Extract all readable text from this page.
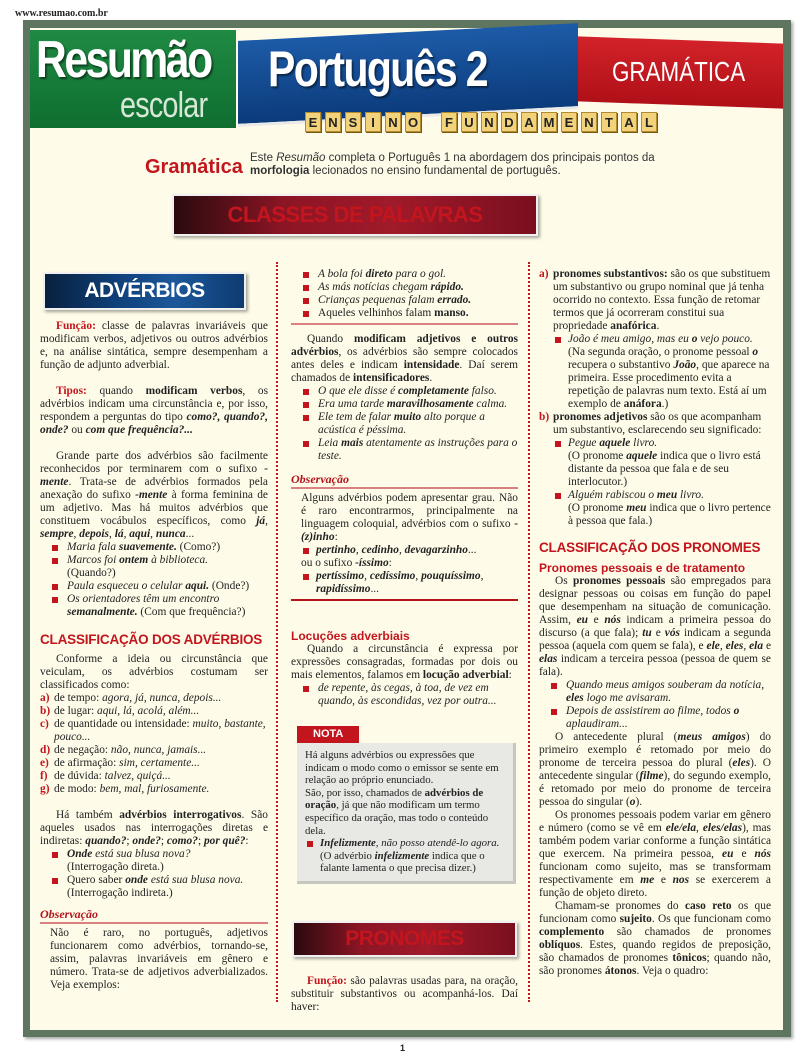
www.resumao.com.br
Resumão
escolar
Português 2	GRAMÁTICA
E N S	I	N O	F U N D A M E N T A L
Gramática Este Resumão completa o Português 1 na abordagem dos principais pontos da morfologia lecionados no ensino fundamental de português.
CLASSES DE PALAVRAS
ADVÉRBIOS

Função: classe de palavras invariáveis que modificam verbos, adjetivos ou outros advérbios e, na análise sintática, sempre desempenham a função de adjunto adverbial.

Tipos: quando modificam verbos, os advérbios indicam uma circunstância e, por isso, respondem a perguntas do tipo como?, quando?, onde? ou com que frequência?...

Grande parte dos advérbios são facilmente reconhecidos por terminarem com o sufixo -mente. Trata-se de advérbios formados pela anexação do sufixo -mente à forma feminina de um adjetivo. Mas há muitos advérbios que constituem vocábulos específicos, como já, sempre, depois, lá, aqui, nunca...

Maria fala suavemente. (Como?)
Marcos foi ontem à biblioteca.
(Quando?)
Paula esqueceu o celular aqui. (Onde?)
Os orientadores têm um encontro
semanalmente. (Com que frequência?)
CLASSIFICAÇÃO DOS ADVÉRBIOS

Conforme a ideia ou circunstância que veiculam, os advérbios costumam ser classificados como:

a) de tempo: agora, já, nunca, depois...
b) de lugar: aqui, lá, acolá, além...
c) de quantidade ou intensidade: muito, bastante, pouco...
d) de negação: não, nunca, jamais...
e) de afirmação: sim, certamente...
f) de dúvida: talvez, quiçá...
g) de modo: bem, mal, furiosamente.

Há também advérbios interrogativos. São aqueles usados nas interrogações diretas e indiretas: quando?; onde?; como?; por quê?:

Onde está sua blusa nova?
(Interrogação direta.)
Quero saber onde está sua blusa nova.
(Interrogação indireta.)
Observação

Não é raro, no português, adjetivos funcionarem como advérbios, tornando-se, assim, palavras invariáveis em gênero e número. Trata-se de adjetivos adverbializados. Veja exemplos:

A bola foi direto para o gol.
As más notícias chegam rápido.
Crianças pequenas falam errado.
Aqueles velhinhos falam manso.

Quando modificam adjetivos e outros advérbios, os advérbios são sempre colocados antes deles e indicam intensidade. Daí serem chamados de intensificadores.

O que ele disse é completamente falso.
Era uma tarde maravilhosamente calma.
Ele tem de falar muito alto porque a acústica é péssima.
Leia mais atentamente as instruções para o teste.
Observação

Alguns advérbios podem apresentar grau. Não é raro encontrarmos, principalmente na linguagem coloquial, advérbios com o sufixo -(z)inho:

pertinho, cedinho, devagarzinho...

ou o sufixo -íssimo:

pertíssimo, cedíssimo, pouquíssimo, rapidíssimo...
Locuções adverbiais

Quando a circunstância é expressa por expressões consagradas, formadas por dois ou mais elementos, falamos em locução adverbial:

de repente, às cegas, à toa, de vez em quando, às escondidas, vez por outra...
NOTA

Há alguns advérbios ou expressões que indicam o modo como o emissor se sente em relação ao próprio enunciado.

São, por isso, chamados de advérbios de oração, já que não modificam um termo específico da oração, mas todo o conteúdo dela.

Infelizmente, não posso atendê-lo agora. (O advérbio infelizmente indica que o falante lamenta o que precisa dizer.)
PRONOMES

Função: são palavras usadas para, na oração, substituir substantivos ou acompanhá-los. Daí haver:

a) pronomes substantivos: são os que substituem um substantivo ou grupo nominal que já tenha ocorrido no contexto. Essa função de retomar termos que já ocorreram constitui sua propriedade anafórica.
João é meu amigo, mas eu o vejo pouco.
(Na segunda oração, o pronome pessoal o recupera o substantivo João, que aparece na primeira. Esse procedimento evita a repetição de palavras num texto. Está aí um exemplo de anáfora.)
b) pronomes adjetivos são os que acompanham um substantivo, esclarecendo seu significado:
Pegue aquele livro.
(O pronome aquele indica que o livro está distante da pessoa que fala e de seu interlocutor.)
Alguém rabiscou o meu livro.
(O pronome meu indica que o livro pertence à pessoa que fala.)
CLASSIFICAÇÃO DOS PRONOMES
Pronomes pessoais e de tratamento

Os pronomes pessoais são empregados para designar pessoas ou coisas em função do papel que desempenham na situação de comunicação. Assim, eu e nós indicam a primeira pessoa do discurso (a que fala); tu e vós indicam a segunda pessoa (aquela com quem se fala), e ele, eles, ela e elas indicam a terceira pessoa (pessoa de quem se fala).

Quando meus amigos souberam da notícia, eles logo me avisaram.
Depois de assistirem ao filme, todos o aplaudiram...

O antecedente plural (meus amigos) do primeiro exemplo é retomado por meio do pronome de terceira pessoa do plural (eles). O antecedente singular (filme), do segundo exemplo, é retomado por meio do pronome de terceira pessoa do singular (o).

Os pronomes pessoais podem variar em gênero e número (como se vê em ele/ela, eles/elas), mas também podem variar conforme a função sintática que exercem. Na primeira pessoa, eu e nós funcionam como sujeito, mas se transformam respectivamente em me e nos se exercerem a função de objeto direto.

Chamam-se pronomes do caso reto os que funcionam como sujeito. Os que funcionam como complemento são chamados de pronomes oblíquos. Estes, quando regidos de preposição, são chamados de pronomes tônicos; quando não, são pronomes átonos. Veja o quadro:

1
